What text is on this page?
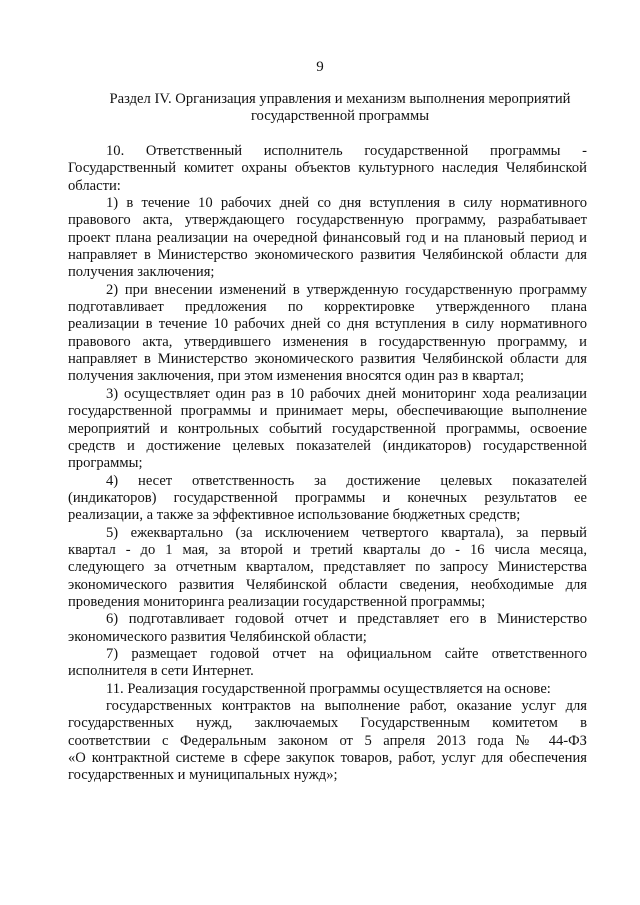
9
Раздел IV. Организация управления и механизм выполнения мероприятий
государственной программы
10. Ответственный исполнитель государственной программы -
Государственный комитет охраны объектов культурного наследия Челябинской
области:
1) в течение 10 рабочих дней со дня вступления в силу нормативного
правового акта, утверждающего государственную программу, разрабатывает
проект плана реализации на очередной финансовый год и на плановый период и
направляет в Министерство экономического развития Челябинской области для
получения заключения;
2) при внесении изменений в утвержденную государственную программу
подготавливает предложения по корректировке утвержденного плана
реализации в течение 10 рабочих дней со дня вступления в силу нормативного
правового акта, утвердившего изменения в государственную программу, и
направляет в Министерство экономического развития Челябинской области для
получения заключения, при этом изменения вносятся один раз в квартал;
3) осуществляет один раз в 10 рабочих дней мониторинг хода реализации
государственной программы и принимает меры, обеспечивающие выполнение
мероприятий и контрольных событий государственной программы, освоение
средств и достижение целевых показателей (индикаторов) государственной
программы;
4) несет ответственность за достижение целевых показателей
(индикаторов) государственной программы и конечных результатов ее
реализации, а также за эффективное использование бюджетных средств;
5) ежеквартально (за исключением четвертого квартала), за первый
квартал - до 1 мая, за второй и третий кварталы до - 16 числа месяца,
следующего за отчетным кварталом, представляет по запросу Министерства
экономического развития Челябинской области сведения, необходимые для
проведения мониторинга реализации государственной программы;
6) подготавливает годовой отчет и представляет его в Министерство
экономического развития Челябинской области;
7) размещает годовой отчет на официальном сайте ответственного
исполнителя в сети Интернет.
11. Реализация государственной программы осуществляется на основе:
государственных контрактов на выполнение работ, оказание услуг для
государственных нужд, заключаемых Государственным комитетом в
соответствии с Федеральным законом от 5 апреля 2013 года № 44-ФЗ
«О контрактной системе в сфере закупок товаров, работ, услуг для обеспечения
государственных и муниципальных нужд»;
